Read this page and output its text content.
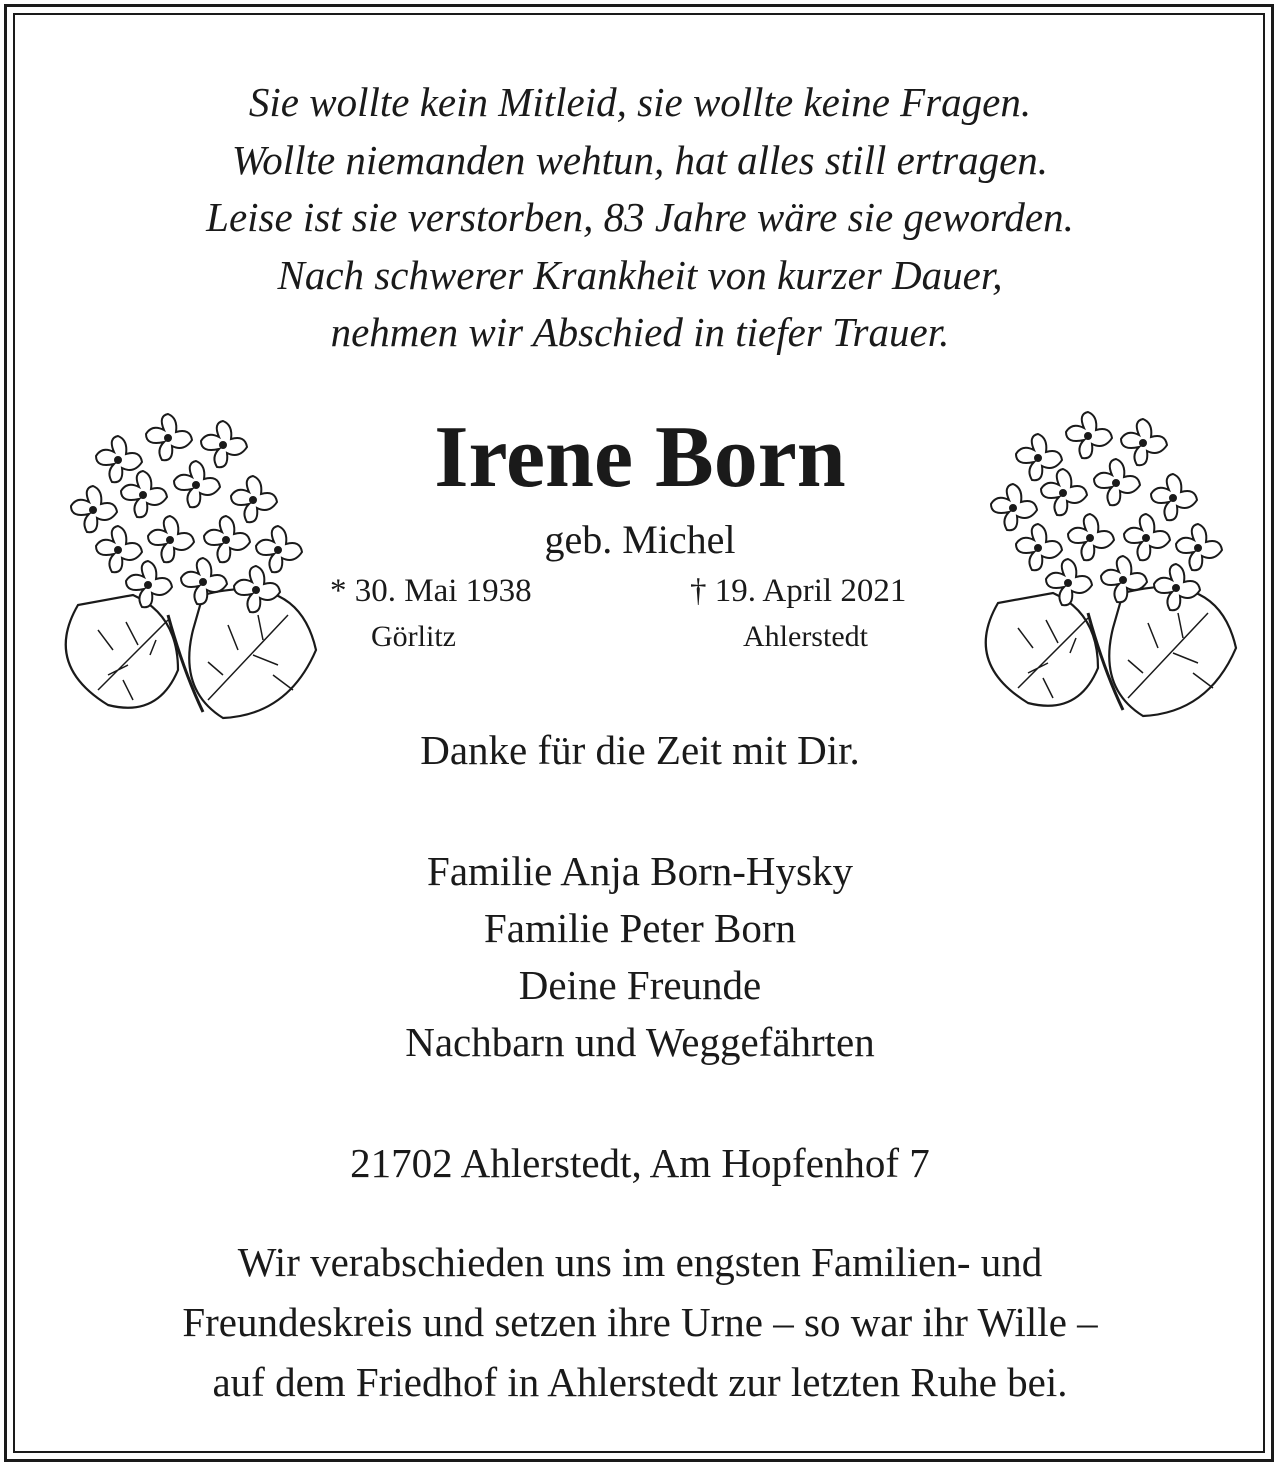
Sie wollte kein Mitleid, sie wollte keine Fragen.
Wollte niemanden wehtun, hat alles still ertragen.
Leise ist sie verstorben, 83 Jahre wäre sie geworden.
Nach schwerer Krankheit von kurzer Dauer,
nehmen wir Abschied in tiefer Trauer.
Irene Born
geb. Michel
* 30. Mai 1938	† 19. April 2021
Görlitz	Ahlerstedt
Danke für die Zeit mit Dir.
Familie Anja Born-Hysky
Familie Peter Born
Deine Freunde
Nachbarn und Weggefährten
21702 Ahlerstedt, Am Hopfenhof 7
Wir verabschieden uns im engsten Familien- und
Freundeskreis und setzen ihre Urne – so war ihr Wille –
auf dem Friedhof in Ahlerstedt zur letzten Ruhe bei.
